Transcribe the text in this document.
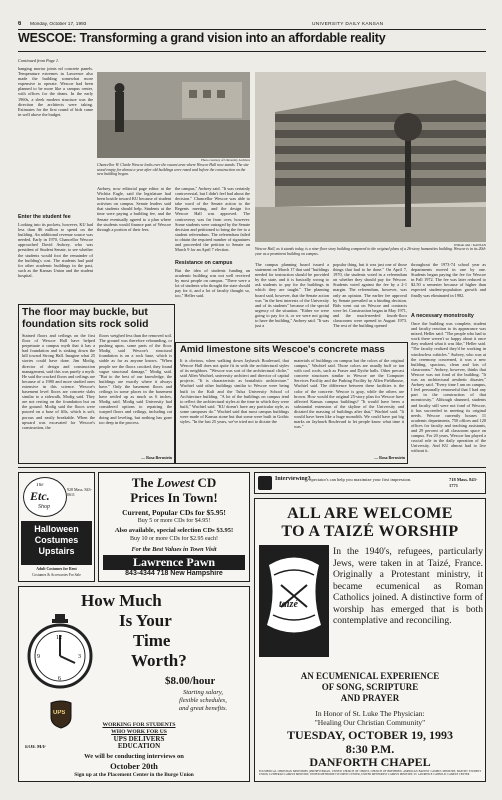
6 Monday, October 17, 1993	UNIVERSITY DAILY KANSAN
WESCOE: Transforming a grand vision into an affordable reality
Continued from Page 1.
hanging mortar joints nd concrete panels. Temperature extremes in Lawrence also made the building somewhat more expensive to operate. Wescoe had been planned to be more like a campus center, with offices for the deans. In the early 1960s, a sleek modern structure was the direction the architects were taking. Estimates for the first round of bids came in well above the budget.
Enter the student fee
Looking into its pockets, however, KU had less than $6 million to spend on the building. An additional revenue source was needed. Early in 1970, Chancellor Wescoe approached David Awbrey, who was president of Student Senate, to see whether the students would foot the remainder of the building's cost. The students had paid for other academic buildings in the past, such as the Kansas Union and the student hospital.
Photo courtesy of University Archives
Chancellor W. Clarke Wescoe looks over the vacant area where Wescoe Hall now stands. The site stood empty for almost a year after old buildings were razed and before the construction on the new building began.
Awbrey, now editorial page editor at the Wichita Eagle, said the legislature had been hostile toward KU because of student activism on campus. Senate leaders said that students should help. Students at the time were paying a building fee, and the Senate eventually agreed to a plan where the students would finance part of Wescoe through a portion of their fees.
the campus," Awbrey said. "It was certainly controversial, but I didn't feel bad about the decision." Chancellor Wescoe was able to take word of the Senate action to the Regents meeting, and the design for Wescoe Hall was approved. The controversy was far from over, however. Some students were outraged by the Senate decision and petitioned to bring the fee to a student referendum. The referendum failed to obtain the required number of signatures and proceeded the petition to Senate on March 9 for an April 7 election.
Resistance on campus
But the idea of students funding an academic building was not well received by most people on campus. "There were a lot of students who thought the state should pay for it, and a lot of faculty thought so, too," Heller said.
William Ahn / KANSAN
Wescoe Hall, as it stands today, is a nine-floor story building compared to the original plans of a 26-story humanities building. Wescoe is in its 20th year as a prominent building on campus.
The campus planning board issued a statement on March 17 that said "buildings needed for instruction should be provided by the state, and it is basically wrong to ask students to pay for the buildings in which they are taught." The planning board said, however, that the Senate action was "in the best interests of the University and of its students" because of the special urgency of the situation. "Either we were going to pay for it, or we were not going to have the building," Awbrey said. "It was just a
popular thing, but it was just one of those things that had to be done." On April 7, 1970, the students voted in a referendum on whether they should pay for Wescoe. Students voted against the fee by a 2-1 margin. The referendum, however, was only an opinion. The earlier fee approval by Senate prevailed as a binding decision. Bids went out on Wescoe and contracts were let. Construction began in May 1971, and the much-needed fourth-floor classrooms were opened in August 1973. The rest of the building opened
throughout the 1973-74 school year as departments moved in one by one. Students began paying the fee for Wescoe in Fall 1972. The fee was later reduced to $2.50 a semester because of higher than expected student-population growth and finally was eliminated in 1982.
A necessary monstrosity
Once the building was complete, student and faculty reaction to its appearance was mixed, Heller said. "The people who had to work there weren't so happy about it once they realized what it was like," Heller said. "The faculty realized they'd be working in windowless cubicles." Awbrey, who was at the ceremony concerned, it was a new building, spacious, clean and lots of classrooms." Awbrey, however, thinks that Wescoe was not fond of the building. "It was an architectural aesthetic disaster," Awbrey said. "Every time I am on campus, I feel personally remorseful that I had any part in the construction of that monstrosity." Although shunned, students and faculty still were not fond of Wescoe, it has succeeded in meeting its original needs. Wescoe currently houses 11 academic departments, 750 offices and 120 offices for faculty and teaching assistants, and 29 percent of all classroom space on campus. For 20 years, Wescoe has played a crucial role in the daily operation of the University. And KU almost had to live without it.
The floor may buckle, but foundation sits rock solid
Stained floors and ceilings on the first floor of Wescoe Hall have helped perpetuate a campus myth that it has a bad foundation and is sinking down the hill toward Strong Hall. Imagine what 25 stories could have done. Jim Modig, director of design and construction management, said this was purely a myth. He said the cracked floors and ceilings are because of a 1980 and more studied ones extensive in this science. Wescoe's basement level floors are concrete slabs similar to a sidewalk, Modig said. They are not resting on the foundation but on the ground. Modig said the floors were poured on a base of fills, which is soft, porous and easily breakable. When the upward was excavated for Wescoe's construction, the
floors weighed less than the removed soil. The ground was therefore rebounding, or pushing upon, some parts of the floor. Modig said Wescoe's structural foundation is on a rock base, which is stable as far as anyone knows. "When people see the floors crooked, they found vague structural damage," Modig said. "But to the best of our knowledge, the buildings are exactly where it always have." Only the basement floors and ceilings in some places in the basement have settled up as much as 6 inches, Modig said. Modig said University had considered options to repairing the warped floors and ceilings, including cut doing and leveling, but nothing has gone too deep in the process.
— Rosa Bernstein
Amid limestone sits Wescoe's concrete mass
It is obvious, when walking down Jayhawk Boulevard, that Wescoe Hall does not quite fit in with the architectural styles of its neighbors. "Wescoe was sort of the architectural cliche," said Allen Wachtel, university architect and director of capital projects. "It is characteristic as brutalistic architecture." Wachtel said other buildings similar to Wescoe were being built in the Kalt and the Tulsa University School of Architecture building. "A lot of the buildings on campus tend to reflect the architectural styles at the time in which they were built," Wachtel said. "KU doesn't have any particular style, as some campuses do." Wachtel said that most campus buildings were made of Kansas stone but that some were built in Gothic styles. "In the last 25 years, we've tried not to dictate the
materials of buildings on campus but the colors of the original campus," Wachtel said. Those colors are usually buff or tan with cool roofs, such as Fraser and Dyche halls. Other precast concrete structures similar to Wescoe are the Computer Services Facility and the Parking Facility by Allen Fieldhouse, Wachtel said. The difference between these facilities is the color of the concrete. Wescoe is gray, while the others are brown. How would the original 25-story plan for Wescoe have affected Kansas campus buildings? "It would have been a substantial extension of the skyline of the University and dictated the massing of buildings after that," Wachtel said. "It would have been like a huge monolith. We could have put big marks on Jayhawk Boulevard to let people know what time it was."
— Rosa Bernstein
The
Etc.
Shop
928 Mass. 843-0611
Halloween
Costumes
Upstairs
Adult Costumes for Rent
Costumes & Accessories For Sale
The Lowest CD
Prices In Town!
Current, Popular CDs for $5.95!
Buy 5 or more CDs for $4.95!
Also available, special selection CDs $3.95!
Buy 10 or more CDs for $2.95 each!
For the Best Values in Town Visit
Lawrence Pawn
843-4344 718 New Hampshire
How Much
Is Your
Time
Worth?
12
3
6
9
$8.00/hour
Starting salary,
flexible schedules,
and great benefits.
UPS
WORKING FOR STUDENTS
WHO WORK FOR US
UPS DELIVERS
EDUCATION
EOE M/F
We will be conducting interviews on
October 20th
Sign up at the Placement Center in the Burge Union
Interviewing?
Spectator's can help you maximize your first impression.	718 Mass. 843-1771
ALL ARE WELCOME
TO A TAIZÉ WORSHIP
taizé
In the 1940's, refugees, particularly Jews, were taken in at Taizé, France. Originally a Protestant ministry, it became ecumenical as Roman Catholics joined. A distinctive form of worship has emerged that is both contemplative and reconciling.
AN ECUMENICAL EXPERIENCE
OF SONG, SCRIPTURE
AND PRAYER
In Honor of St. Luke The Physician:
"Healing Our Christian Community"
TUESDAY, OCTOBER 19, 1993
8:30 P.M.
DANFORTH CHAPEL
ECUMENICAL CHRISTIAN MINISTRIES (PRESBYTERIAN, UNITED CHURCH OF CHRIST, CHURCH OF BRETHREN, AMERICAN BAPTIST CAMPUS MINISTRY, BAPTIST STUDENT UNION, LUTHERAN CAMPUS MINISTRY, UNITED METHODIST STUDENT CENTER, UNITED METHODIST CAMPUS MINISTRY, ST. LAWRENCE CATHOLIC CAMPUS CENTER
